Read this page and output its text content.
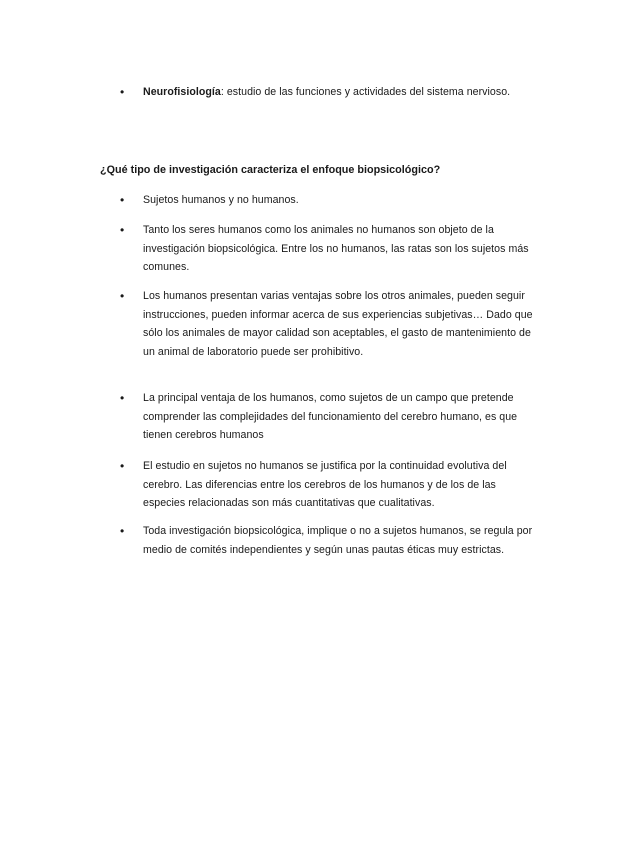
• Neurofisiología: estudio de las funciones y actividades del sistema nervioso.
¿Qué tipo de investigación caracteriza el enfoque biopsicológico?
• Sujetos humanos y no humanos.
• Tanto los seres humanos como los animales no humanos son objeto de la investigación biopsicológica. Entre los no humanos, las ratas son los sujetos más comunes.
• Los humanos presentan varias ventajas sobre los otros animales, pueden seguir instrucciones, pueden informar acerca de sus experiencias subjetivas… Dado que sólo los animales de mayor calidad son aceptables, el gasto de mantenimiento de un animal de laboratorio puede ser prohibitivo.
• La principal ventaja de los humanos, como sujetos de un campo que pretende comprender las complejidades del funcionamiento del cerebro humano, es que tienen cerebros humanos
• El estudio en sujetos no humanos se justifica por la continuidad evolutiva del cerebro. Las diferencias entre los cerebros de los humanos y de los de las especies relacionadas son más cuantitativas que cualitativas.
• Toda investigación biopsicológica, implique o no a sujetos humanos, se regula por medio de comités independientes y según unas pautas éticas muy estrictas.
